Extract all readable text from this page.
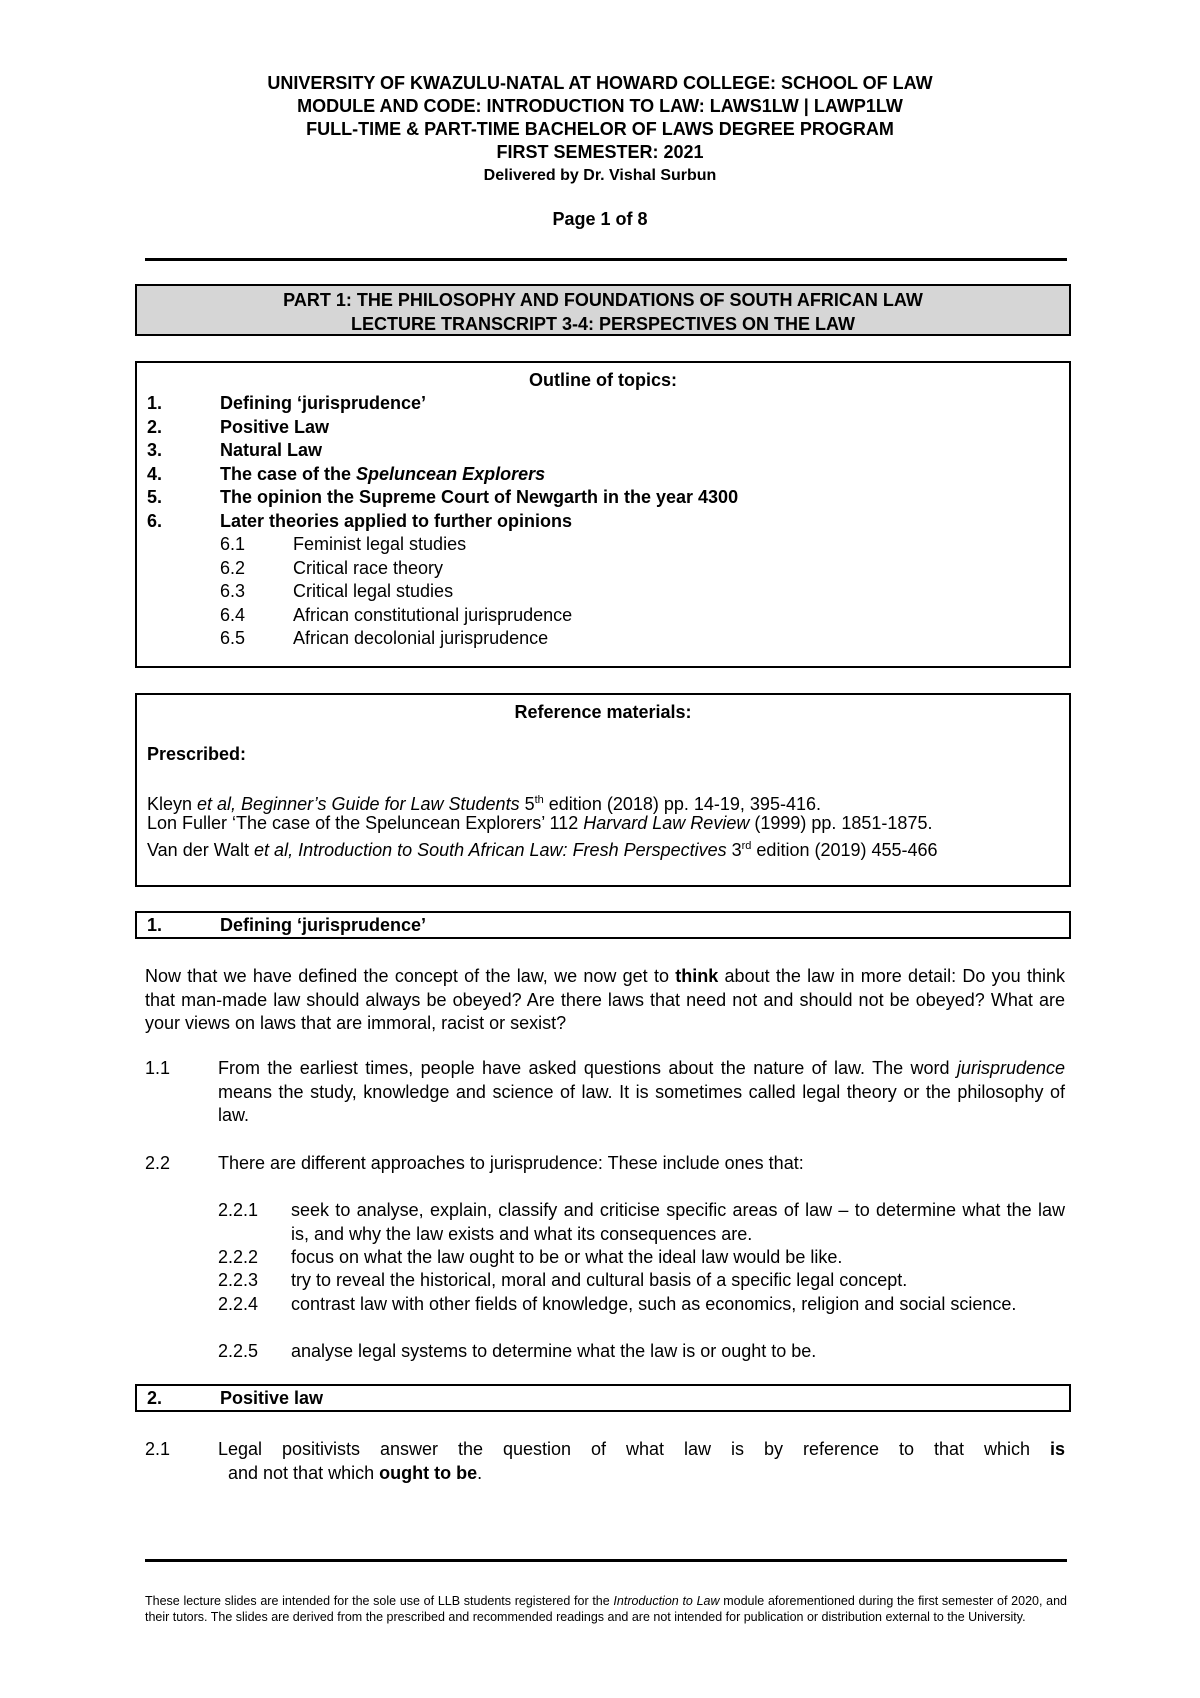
UNIVERSITY OF KWAZULU-NATAL AT HOWARD COLLEGE: SCHOOL OF LAW
MODULE AND CODE: INTRODUCTION TO LAW: LAWS1LW | LAWP1LW
FULL-TIME & PART-TIME BACHELOR OF LAWS DEGREE PROGRAM
FIRST SEMESTER: 2021
Delivered by Dr. Vishal Surbun
Page 1 of 8
PART 1: THE PHILOSOPHY AND FOUNDATIONS OF SOUTH AFRICAN LAW
LECTURE TRANSCRIPT 3-4: PERSPECTIVES ON THE LAW
Outline of topics:
1.	Defining ‘jurisprudence’
2.	Positive Law
3.	Natural Law
4.	The case of the Speluncean Explorers
5.	The opinion the Supreme Court of Newgarth in the year 4300
6.	Later theories applied to further opinions
6.1	Feminist legal studies
6.2	Critical race theory
6.3	Critical legal studies
6.4	African constitutional jurisprudence
6.5	African decolonial jurisprudence
Reference materials:
Prescribed:
Kleyn et al, Beginner’s Guide for Law Students 5th edition (2018) pp. 14-19, 395-416.
Lon Fuller ‘The case of the Speluncean Explorers’ 112 Harvard Law Review (1999) pp. 1851-1875.
Van der Walt et al, Introduction to South African Law: Fresh Perspectives 3rd edition (2019) 455-466
1.	Defining ‘jurisprudence’
Now that we have defined the concept of the law, we now get to think about the law in more detail: Do you think that man-made law should always be obeyed? Are there laws that need not and should not be obeyed? What are your views on laws that are immoral, racist or sexist?
1.1	From the earliest times, people have asked questions about the nature of law. The word jurisprudence means the study, knowledge and science of law. It is sometimes called legal theory or the philosophy of law.
2.2	There are different approaches to jurisprudence: These include ones that:
2.2.1 seek to analyse, explain, classify and criticise specific areas of law – to determine what the law is, and why the law exists and what its consequences are.
2.2.2 focus on what the law ought to be or what the ideal law would be like.
2.2.3 try to reveal the historical, moral and cultural basis of a specific legal concept.
2.2.4 contrast law with other fields of knowledge, such as economics, religion and social science.
2.2.5 analyse legal systems to determine what the law is or ought to be.
2.	Positive law
2.1	Legal positivists answer the question of what law is by reference to that which is  and not that which ought to be.
These lecture slides are intended for the sole use of LLB students registered for the Introduction to Law module aforementioned during the first semester of 2020, and their tutors. The slides are derived from the prescribed and recommended readings and are not intended for publication or distribution external to the University.
